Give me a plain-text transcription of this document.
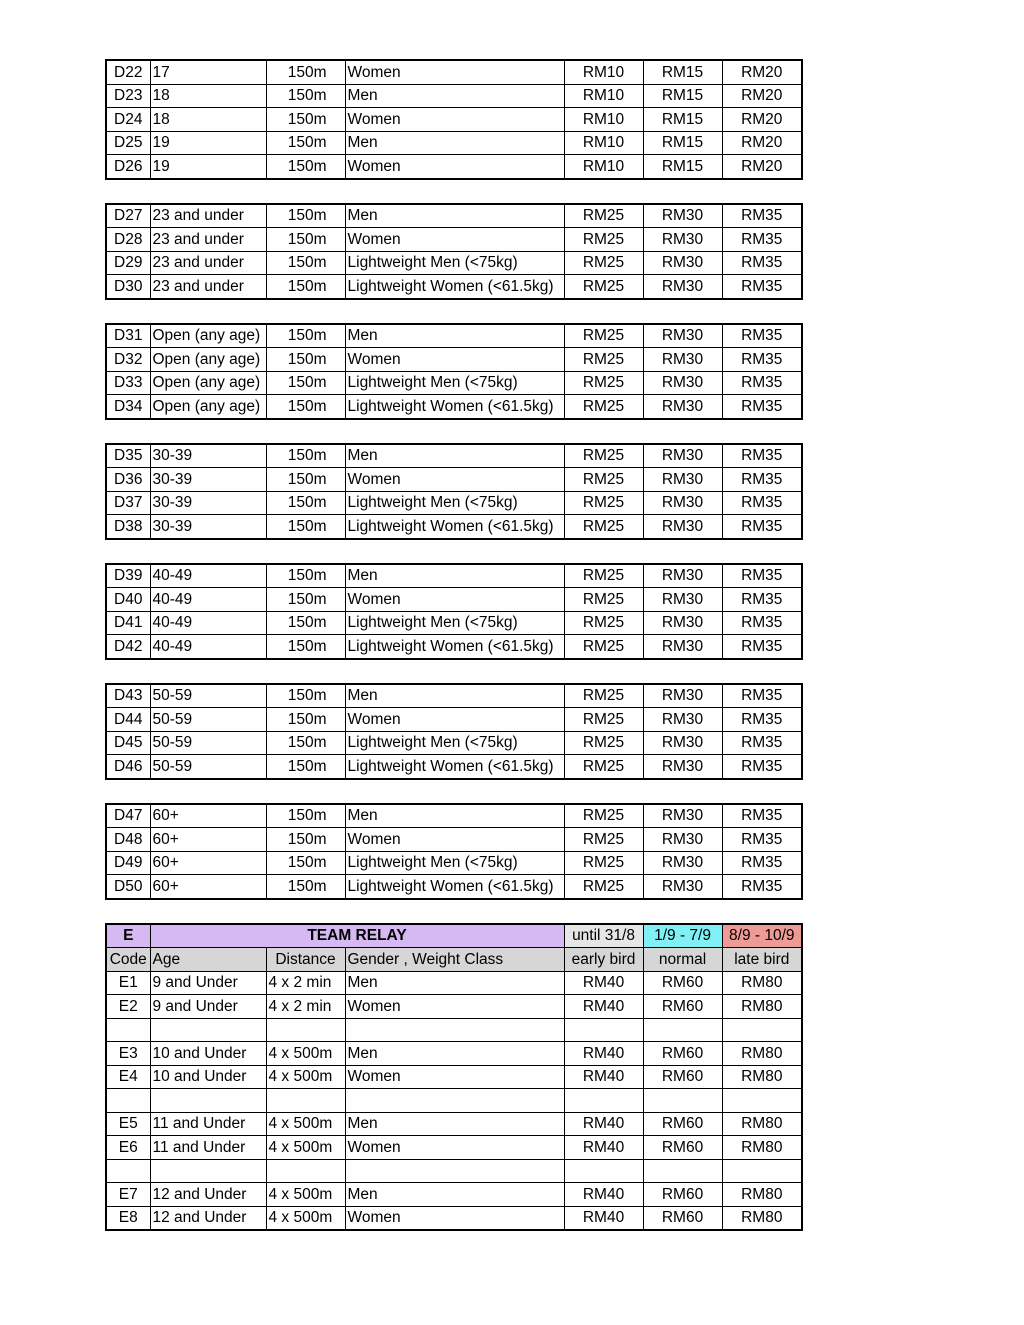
D22	17	150m	Women	RM10	RM15	RM20
D23	18	150m	Men	RM10	RM15	RM20
D24	18	150m	Women	RM10	RM15	RM20
D25	19	150m	Men	RM10	RM15	RM20
D26	19	150m	Women	RM10	RM15	RM20
D27	23 and under	150m	Men	RM25	RM30	RM35
D28	23 and under	150m	Women	RM25	RM30	RM35
D29	23 and under	150m	Lightweight Men (<75kg)	RM25	RM30	RM35
D30	23 and under	150m	Lightweight Women (<61.5kg)	RM25	RM30	RM35
D31	Open (any age)	150m	Men	RM25	RM30	RM35
D32	Open (any age)	150m	Women	RM25	RM30	RM35
D33	Open (any age)	150m	Lightweight Men (<75kg)	RM25	RM30	RM35
D34	Open (any age)	150m	Lightweight Women (<61.5kg)	RM25	RM30	RM35
D35	30-39	150m	Men	RM25	RM30	RM35
D36	30-39	150m	Women	RM25	RM30	RM35
D37	30-39	150m	Lightweight Men (<75kg)	RM25	RM30	RM35
D38	30-39	150m	Lightweight Women (<61.5kg)	RM25	RM30	RM35
D39	40-49	150m	Men	RM25	RM30	RM35
D40	40-49	150m	Women	RM25	RM30	RM35
D41	40-49	150m	Lightweight Men (<75kg)	RM25	RM30	RM35
D42	40-49	150m	Lightweight Women (<61.5kg)	RM25	RM30	RM35
D43	50-59	150m	Men	RM25	RM30	RM35
D44	50-59	150m	Women	RM25	RM30	RM35
D45	50-59	150m	Lightweight Men (<75kg)	RM25	RM30	RM35
D46	50-59	150m	Lightweight Women (<61.5kg)	RM25	RM30	RM35
D47	60+	150m	Men	RM25	RM30	RM35
D48	60+	150m	Women	RM25	RM30	RM35
D49	60+	150m	Lightweight Men (<75kg)	RM25	RM30	RM35
D50	60+	150m	Lightweight Women (<61.5kg)	RM25	RM30	RM35
E	TEAM RELAY			until 31/8	1/9 - 7/9	8/9 - 10/9
Code	Age	Distance	Gender , Weight Class	early bird	normal	late bird
E1	9 and Under	4 x 2 min	Men	RM40	RM60	RM80
E2	9 and Under	4 x 2 min	Women	RM40	RM60	RM80

E3	10 and Under	4 x 500m	Men	RM40	RM60	RM80
E4	10 and Under	4 x 500m	Women	RM40	RM60	RM80

E5	11 and Under	4 x 500m	Men	RM40	RM60	RM80
E6	11 and Under	4 x 500m	Women	RM40	RM60	RM80

E7	12 and Under	4 x 500m	Men	RM40	RM60	RM80
E8	12 and Under	4 x 500m	Women	RM40	RM60	RM80
